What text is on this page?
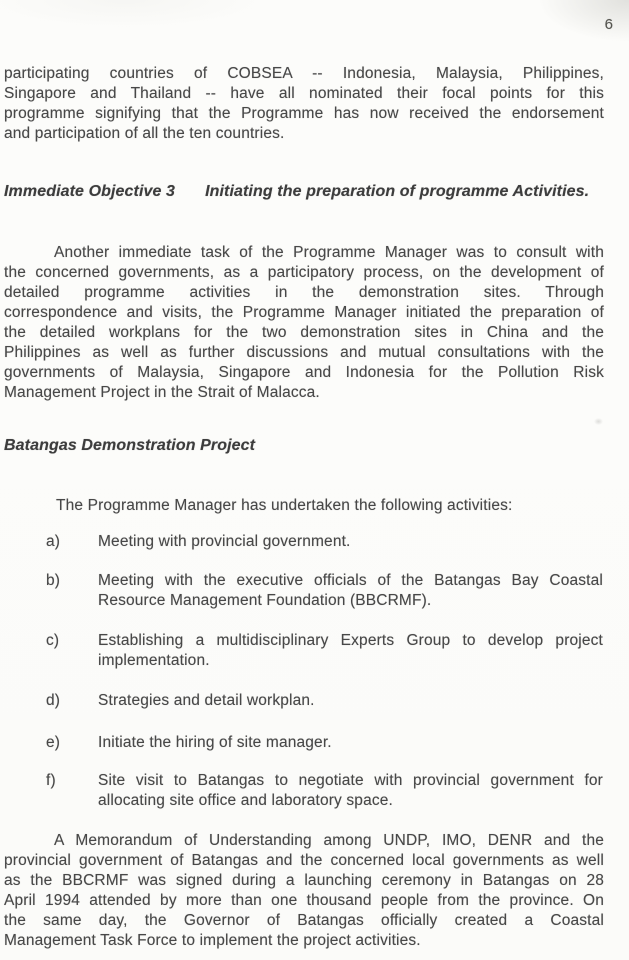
6
participating countries of COBSEA -- Indonesia, Malaysia, Philippines,
Singapore and Thailand -- have all nominated their focal points for this
programme signifying that the Programme has now received the endorsement
and participation of all the ten countries.
Immediate Objective 3 Initiating the preparation of programme Activities.
Another immediate task of the Programme Manager was to consult with
the concerned governments, as a participatory process, on the development of
detailed programme activities in the demonstration sites. Through
correspondence and visits, the Programme Manager initiated the preparation of
the detailed workplans for the two demonstration sites in China and the
Philippines as well as further discussions and mutual consultations with the
governments of Malaysia, Singapore and Indonesia for the Pollution Risk
Management Project in the Strait of Malacca.
Batangas Demonstration Project
The Programme Manager has undertaken the following activities:
a)	Meeting with provincial government.
b)	Meeting with the executive officials of the Batangas Bay Coastal
Resource Management Foundation (BBCRMF).
c)	Establishing a multidisciplinary Experts Group to develop project
implementation.
d)	Strategies and detail workplan.
e)	Initiate the hiring of site manager.
f)	Site visit to Batangas to negotiate with provincial government for
allocating site office and laboratory space.
A Memorandum of Understanding among UNDP, IMO, DENR and the
provincial government of Batangas and the concerned local governments as well
as the BBCRMF was signed during a launching ceremony in Batangas on 28
April 1994 attended by more than one thousand people from the province. On
the same day, the Governor of Batangas officially created a Coastal
Management Task Force to implement the project activities.
